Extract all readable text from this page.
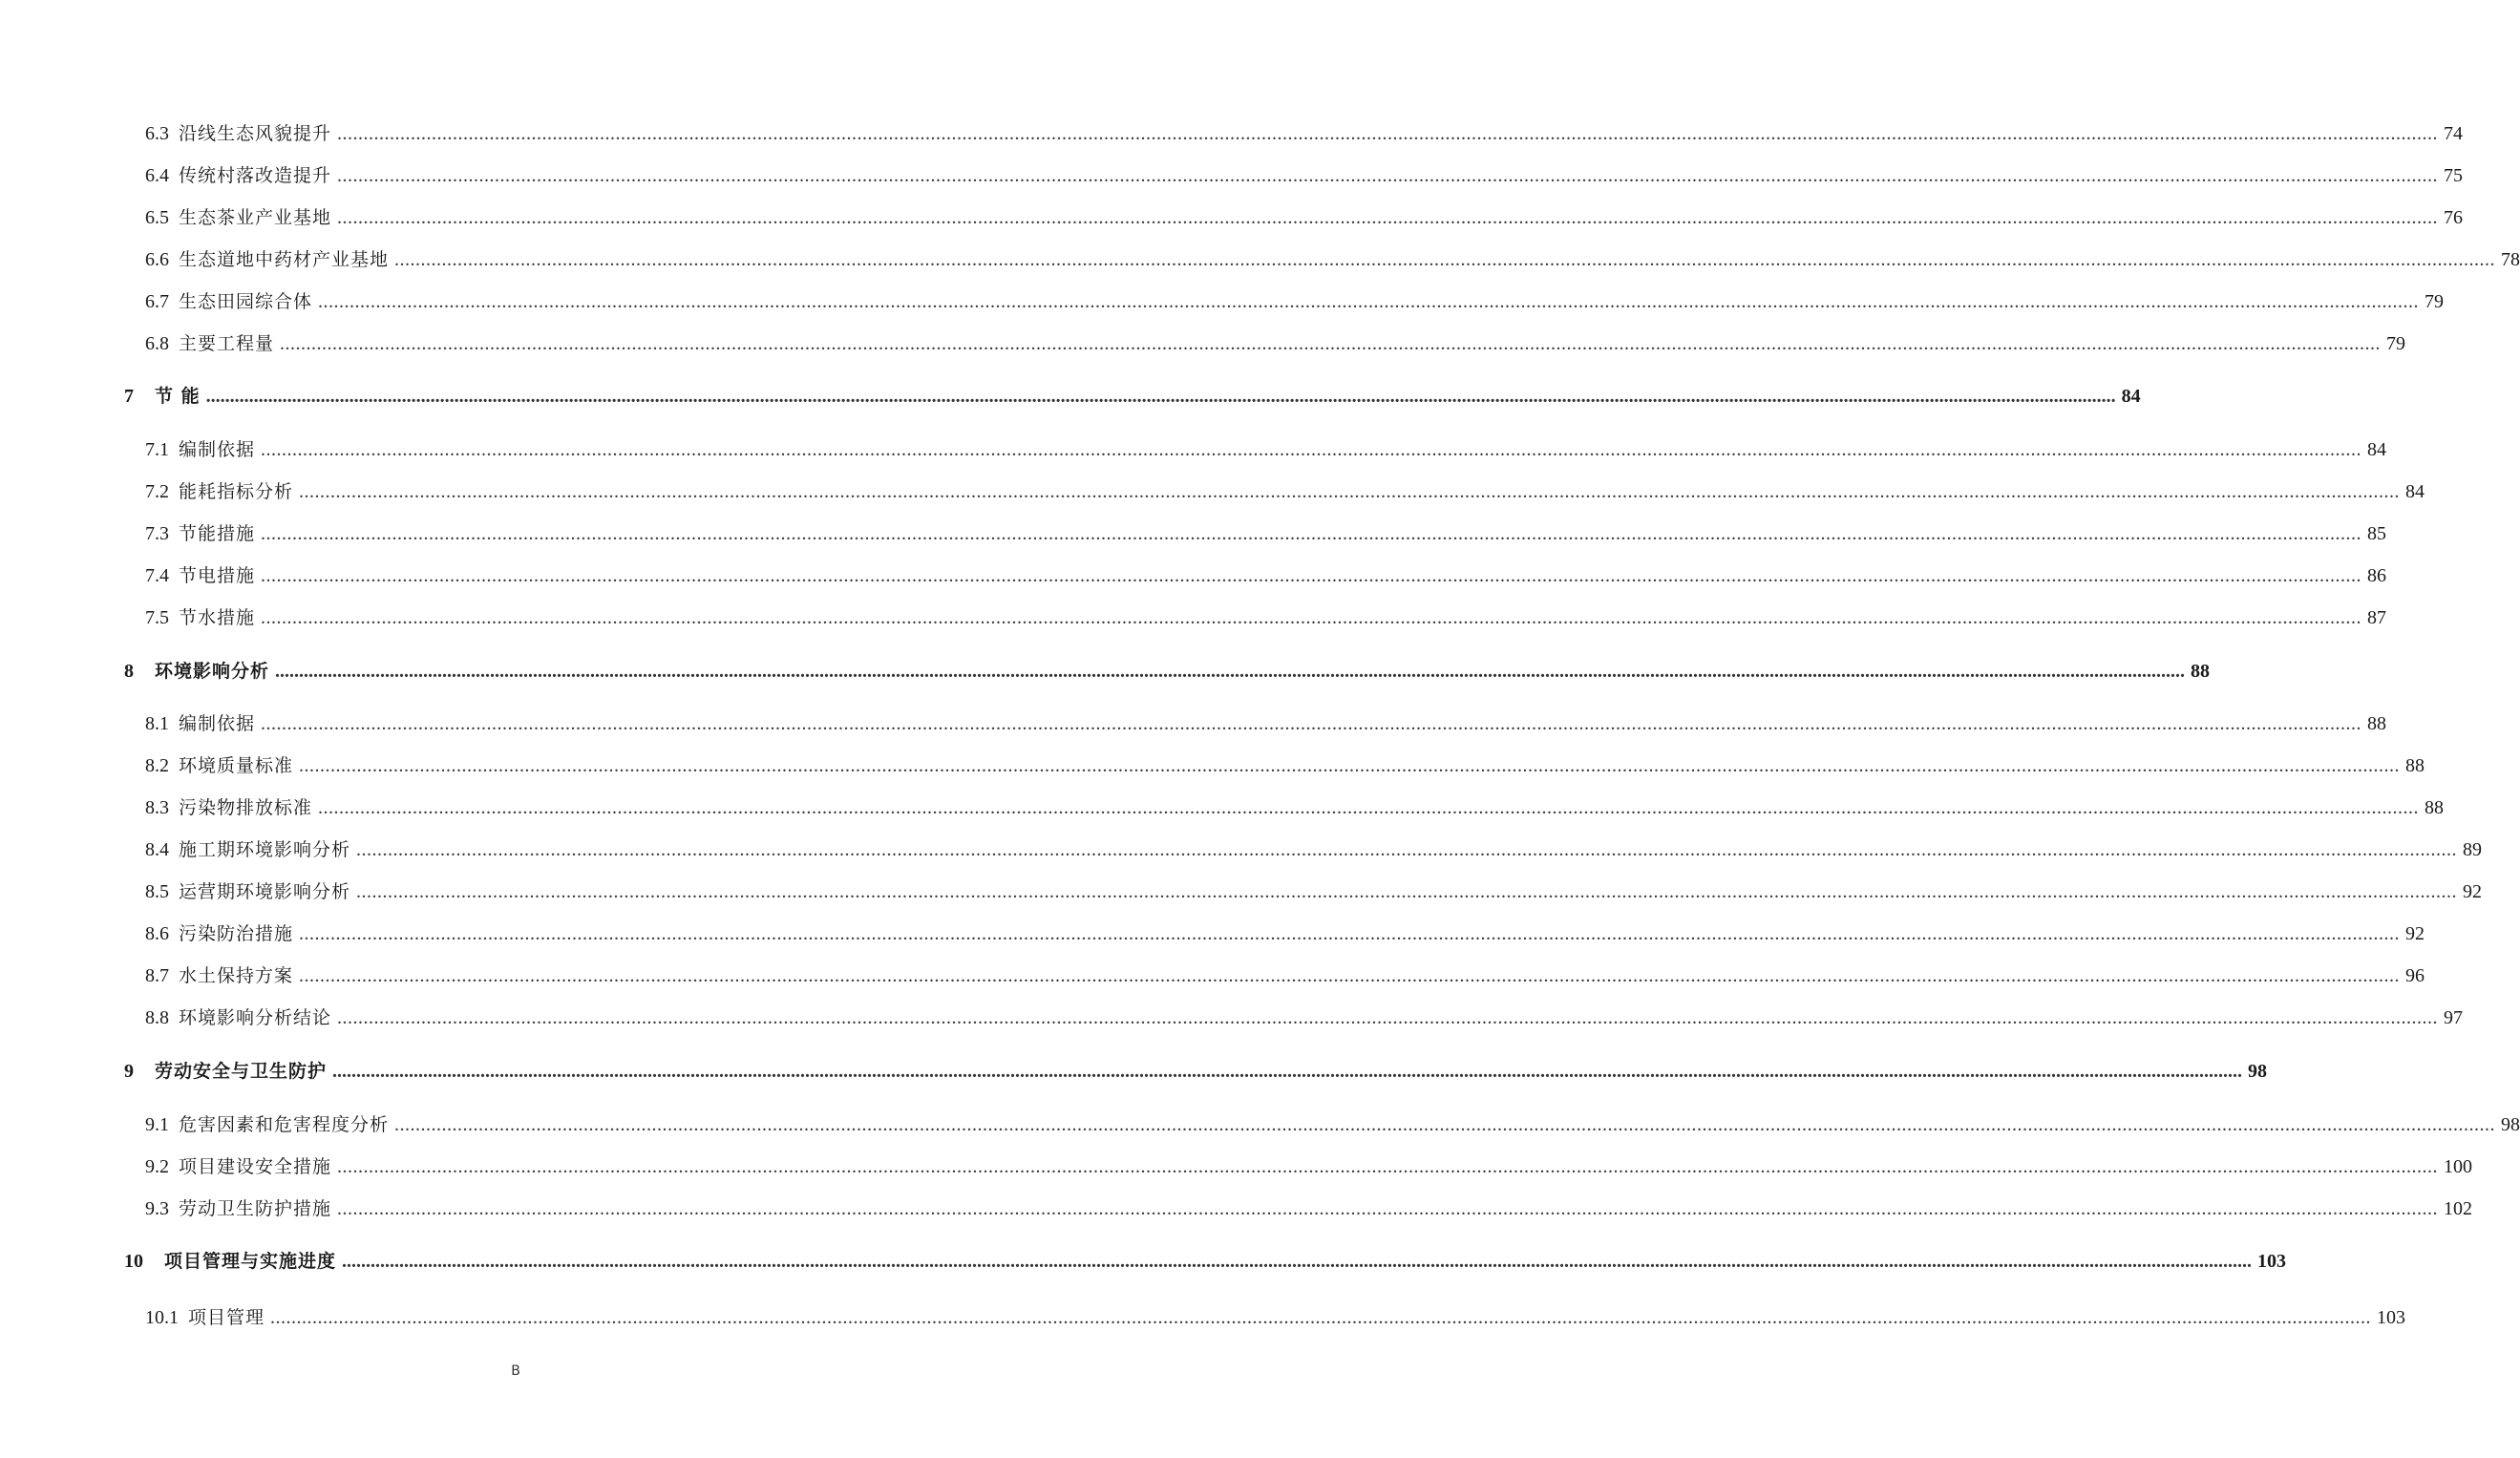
6.3 沿线生态风貌提升 ................................................................................................................................................................................................................................................................................................................................................................................................................ 74
6.4 传统村落改造提升 ................................................................................................................................................................................................................................................................................................................................................................................................................ 75
6.5 生态茶业产业基地 ................................................................................................................................................................................................................................................................................................................................................................................................................ 76
6.6 生态道地中药材产业基地 ................................................................................................................................................................................................................................................................................................................................................................................................................ 78
6.7 生态田园综合体 ................................................................................................................................................................................................................................................................................................................................................................................................................ 79
6.8 主要工程量 ................................................................................................................................................................................................................................................................................................................................................................................................................ 79
7	节 能 ................................................................................................................................................................................................................................................................................................................................................................................................................ 84
7.1 编制依据 ................................................................................................................................................................................................................................................................................................................................................................................................................ 84
7.2 能耗指标分析 ................................................................................................................................................................................................................................................................................................................................................................................................................ 84
7.3 节能措施 ................................................................................................................................................................................................................................................................................................................................................................................................................ 85
7.4 节电措施 ................................................................................................................................................................................................................................................................................................................................................................................................................ 86
7.5 节水措施 ................................................................................................................................................................................................................................................................................................................................................................................................................ 87
8	环境影响分析 ................................................................................................................................................................................................................................................................................................................................................................................................................ 88
8.1 编制依据 ................................................................................................................................................................................................................................................................................................................................................................................................................ 88
8.2 环境质量标准 ................................................................................................................................................................................................................................................................................................................................................................................................................ 88
8.3 污染物排放标准 ................................................................................................................................................................................................................................................................................................................................................................................................................ 88
8.4 施工期环境影响分析 ................................................................................................................................................................................................................................................................................................................................................................................................................ 89
8.5 运营期环境影响分析 ................................................................................................................................................................................................................................................................................................................................................................................................................ 92
8.6 污染防治措施 ................................................................................................................................................................................................................................................................................................................................................................................................................ 92
8.7 水土保持方案 ................................................................................................................................................................................................................................................................................................................................................................................................................ 96
8.8 环境影响分析结论 ................................................................................................................................................................................................................................................................................................................................................................................................................ 97
9	劳动安全与卫生防护 ................................................................................................................................................................................................................................................................................................................................................................................................................ 98
9.1 危害因素和危害程度分析 ................................................................................................................................................................................................................................................................................................................................................................................................................ 98
9.2 项目建设安全措施 ................................................................................................................................................................................................................................................................................................................................................................................................................ 100
9.3 劳动卫生防护措施 ................................................................................................................................................................................................................................................................................................................................................................................................................ 102
10	项目管理与实施进度 ................................................................................................................................................................................................................................................................................................................................................................................................................ 103
10.1 项目管理 ................................................................................................................................................................................................................................................................................................................................................................................................................ 103
B
